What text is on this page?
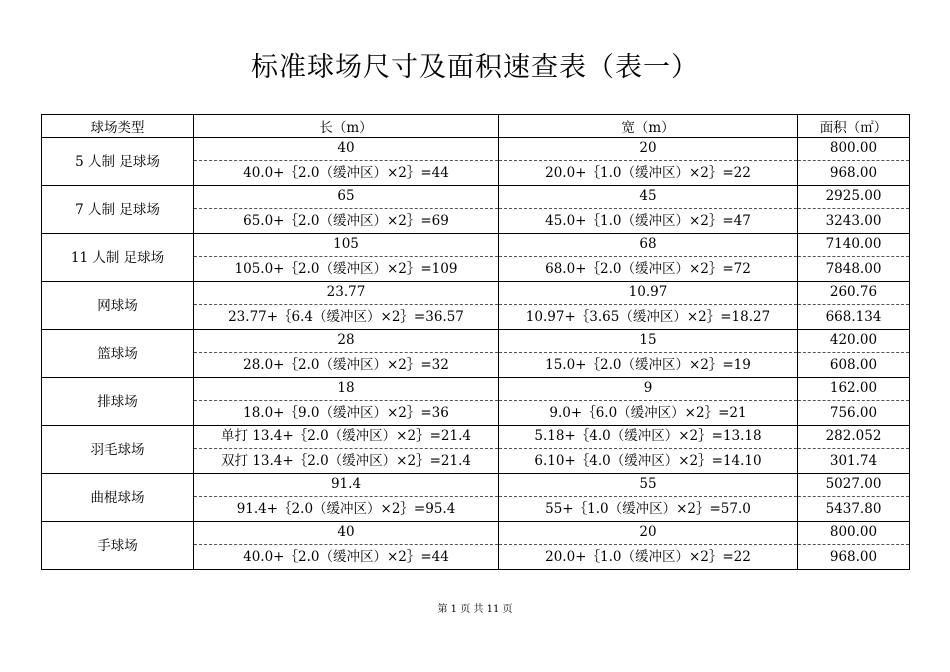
标准球场尺寸及面积速查表（表一）
球场类型	长（m）	宽（m）	面积（㎡）
5 人制 足球场	40	20	800.00
	40.0+｛2.0（缓冲区）×2｝=44	20.0+｛1.0（缓冲区）×2｝=22	968.00
7 人制 足球场	65	45	2925.00
	65.0+｛2.0（缓冲区）×2｝=69	45.0+｛1.0（缓冲区）×2｝=47	3243.00
11 人制 足球场	105	68	7140.00
	105.0+｛2.0（缓冲区）×2｝=109	68.0+｛2.0（缓冲区）×2｝=72	7848.00
网球场	23.77	10.97	260.76
	23.77+｛6.4（缓冲区）×2｝=36.57	10.97+｛3.65（缓冲区）×2｝=18.27	668.134
篮球场	28	15	420.00
	28.0+｛2.0（缓冲区）×2｝=32	15.0+｛2.0（缓冲区）×2｝=19	608.00
排球场	18	9	162.00
	18.0+｛9.0（缓冲区）×2｝=36	9.0+｛6.0（缓冲区）×2｝=21	756.00
羽毛球场	单打 13.4+｛2.0（缓冲区）×2｝=21.4	5.18+｛4.0（缓冲区）×2｝=13.18	282.052
	双打 13.4+｛2.0（缓冲区）×2｝=21.4	6.10+｛4.0（缓冲区）×2｝=14.10	301.74
曲棍球场	91.4	55	5027.00
	91.4+｛2.0（缓冲区）×2｝=95.4	55+｛1.0（缓冲区）×2｝=57.0	5437.80
手球场	40	20	800.00
	40.0+｛2.0（缓冲区）×2｝=44	20.0+｛1.0（缓冲区）×2｝=22	968.00
第 1 页 共 11 页
